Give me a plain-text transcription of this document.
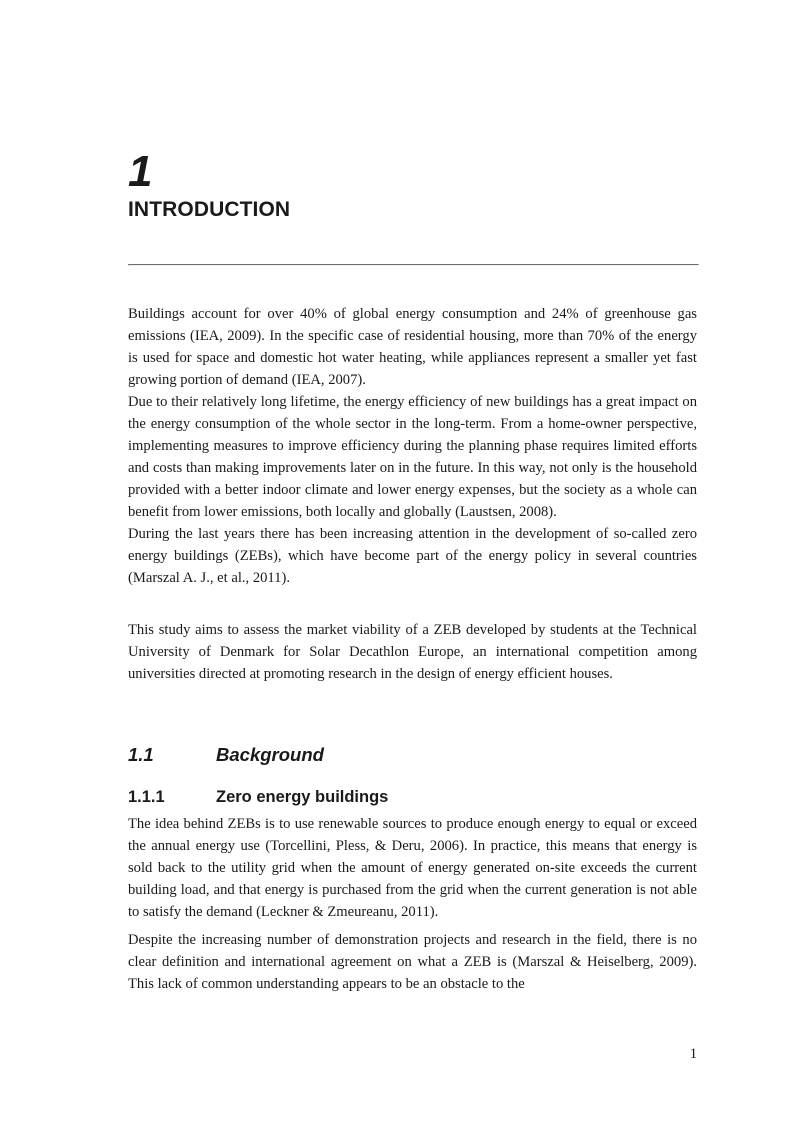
1
INTRODUCTION

Buildings account for over 40% of global energy consumption and 24% of greenhouse gas emissions (IEA, 2009). In the specific case of residential housing, more than 70% of the energy is used for space and domestic hot water heating, while appliances represent a smaller yet fast growing portion of demand (IEA, 2007).

Due to their relatively long lifetime, the energy efficiency of new buildings has a great impact on the energy consumption of the whole sector in the long-term. From a home-owner perspective, implementing measures to improve efficiency during the planning phase requires limited efforts and costs than making improvements later on in the future. In this way, not only is the household provided with a better indoor climate and lower energy expenses, but the society as a whole can benefit from lower emissions, both locally and globally (Laustsen, 2008).

During the last years there has been increasing attention in the development of so-called zero energy buildings (ZEBs), which have become part of the energy policy in several countries (Marszal A. J., et al., 2011).

This study aims to assess the market viability of a ZEB developed by students at the Technical University of Denmark for Solar Decathlon Europe, an international competition among universities directed at promoting research in the design of energy efficient houses.

1.1	Background
1.1.1	Zero energy buildings

The idea behind ZEBs is to use renewable sources to produce enough energy to equal or exceed the annual energy use (Torcellini, Pless, & Deru, 2006). In practice, this means that energy is sold back to the utility grid when the amount of energy generated on-site exceeds the current building load, and that energy is purchased from the grid when the current generation is not able to satisfy the demand (Leckner & Zmeureanu, 2011).

Despite the increasing number of demonstration projects and research in the field, there is no clear definition and international agreement on what a ZEB is (Marszal & Heiselberg, 2009). This lack of common understanding appears to be an obstacle to the

1
